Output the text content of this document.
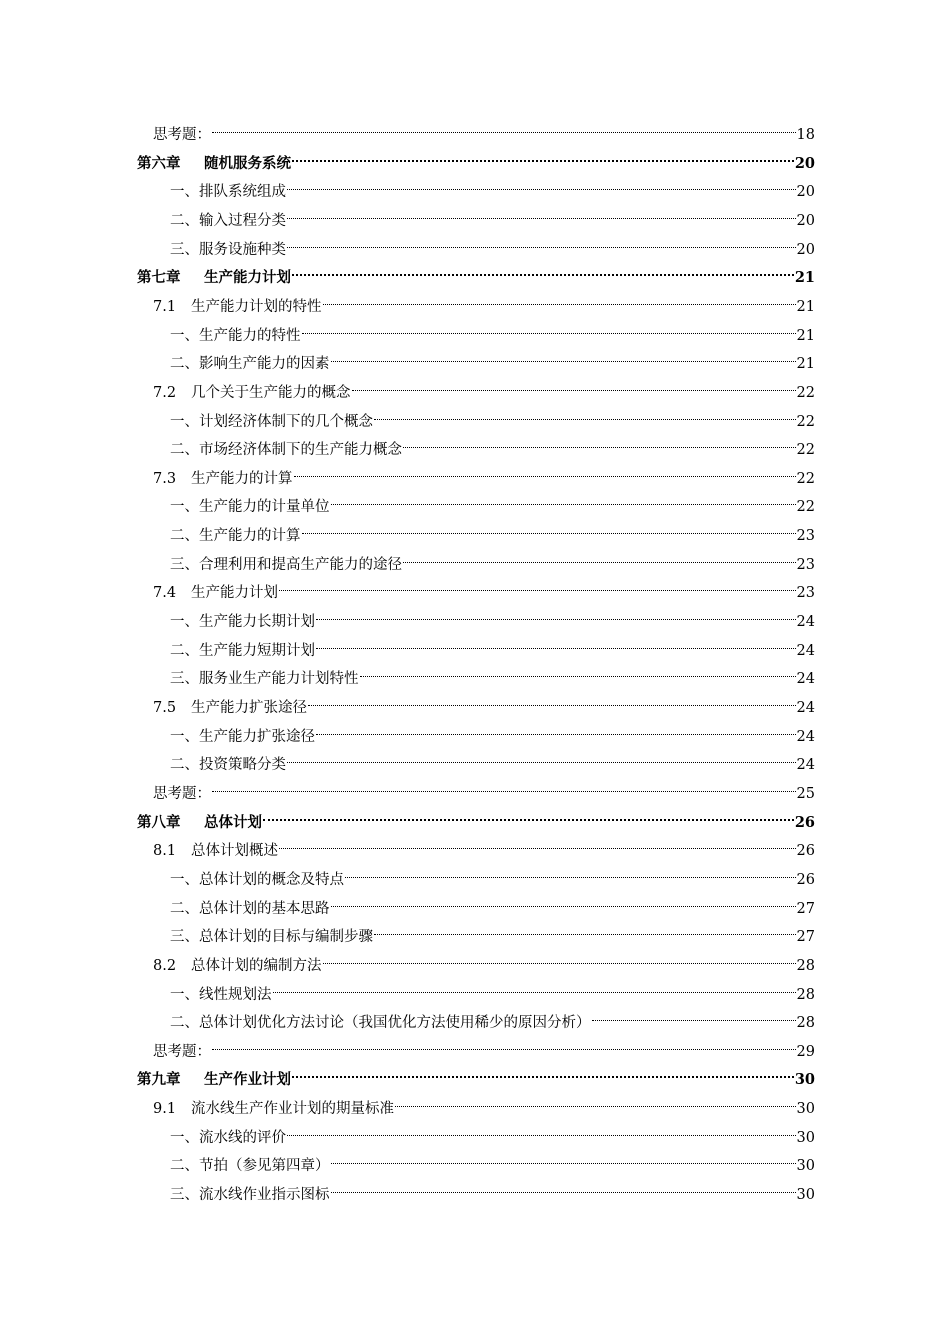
思考题：	18
第六章 随机服务系统	20
一、排队系统组成	20
二、输入过程分类	20
三、服务设施种类	20
第七章 生产能力计划	21
7.1 生产能力计划的特性	21
一、生产能力的特性	21
二、影响生产能力的因素	21
7.2 几个关于生产能力的概念	22
一、计划经济体制下的几个概念	22
二、市场经济体制下的生产能力概念	22
7.3 生产能力的计算	22
一、生产能力的计量单位	22
二、生产能力的计算	23
三、合理利用和提高生产能力的途径	23
7.4 生产能力计划	23
一、生产能力长期计划	24
二、生产能力短期计划	24
三、服务业生产能力计划特性	24
7.5 生产能力扩张途径	24
一、生产能力扩张途径	24
二、投资策略分类	24
思考题：	25
第八章 总体计划	26
8.1 总体计划概述	26
一、总体计划的概念及特点	26
二、总体计划的基本思路	27
三、总体计划的目标与编制步骤	27
8.2 总体计划的编制方法	28
一、线性规划法	28
二、总体计划优化方法讨论（我国优化方法使用稀少的原因分析）	28
思考题：	29
第九章 生产作业计划	30
9.1 流水线生产作业计划的期量标准	30
一、流水线的评价	30
二、节拍（参见第四章）	30
三、流水线作业指示图标	30
